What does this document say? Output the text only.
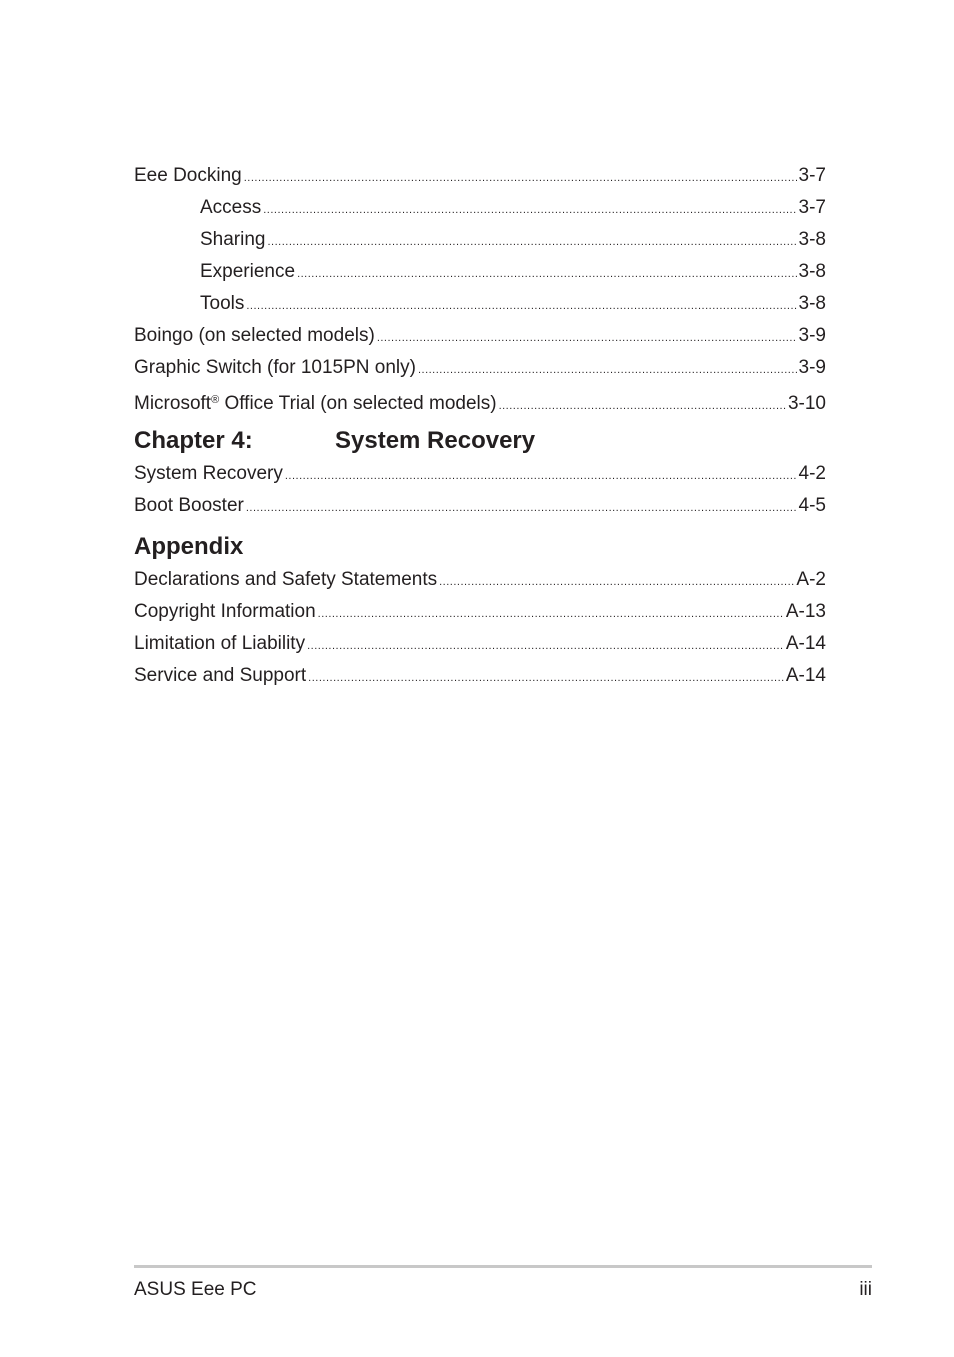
Eee Docking .....	3-7
Access .....	3-7
Sharing .....	3-8
Experience .....	3-8
Tools .....	3-8
Boingo (on selected models) .....	3-9
Graphic Switch (for 1015PN only) .....	3-9
Microsoft® Office Trial (on selected models) .....	3-10
Chapter 4:	System Recovery
System Recovery .....	4-2
Boot Booster .....	4-5
Appendix
Declarations and Safety Statements .....	A-2
Copyright Information .....	A-13
Limitation of Liability .....	A-14
Service and Support .....	A-14
ASUS Eee PC	iii
